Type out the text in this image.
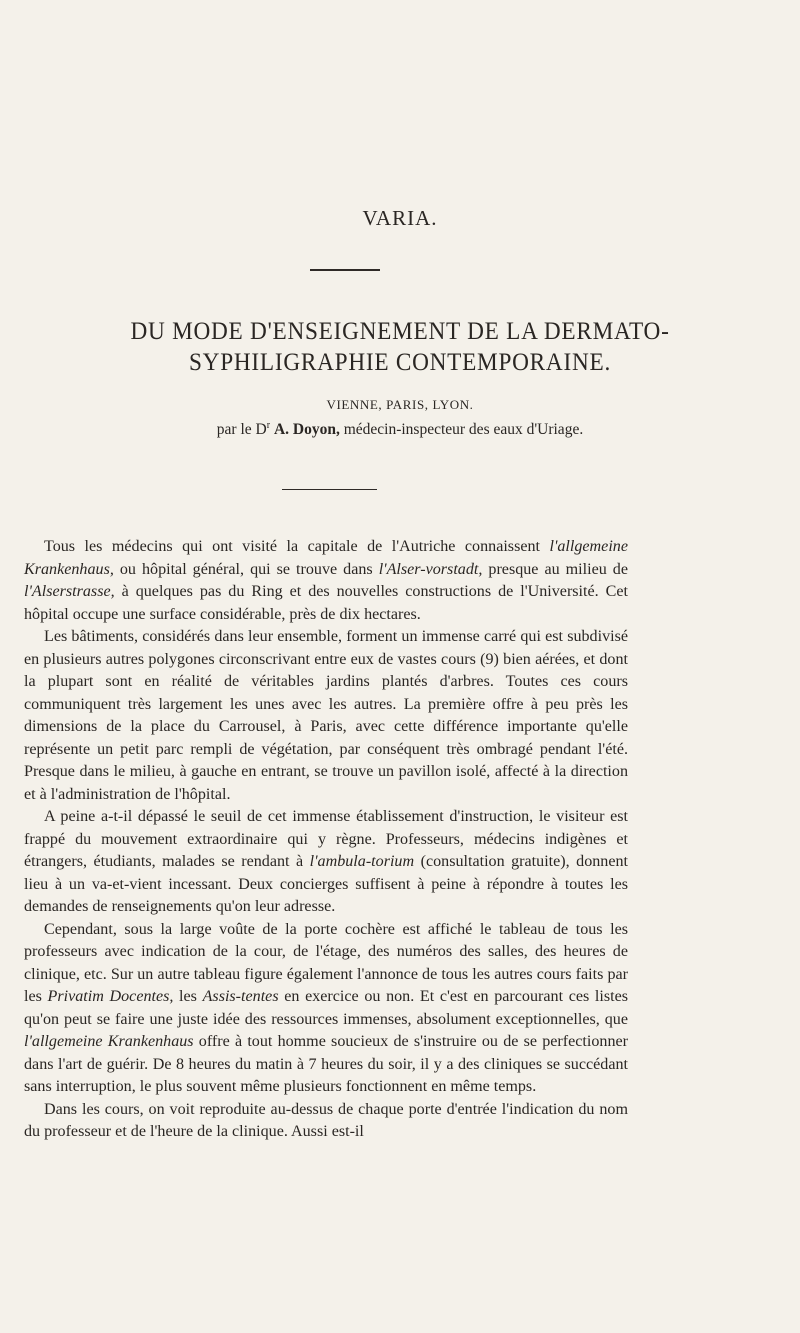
VARIA.
DU MODE D'ENSEIGNEMENT DE LA DERMATO-
SYPHILIGRAPHIE CONTEMPORAINE.
VIENNE, PARIS, LYON.
par le $D^r$ A. Doyon, médecin-inspecteur des eaux d'Uriage.

Tous les médecins qui ont visité la capitale de l'Autriche connaissent l'allgemeine Krankenhaus, ou hôpital général, qui se trouve dans l'Alser-vorstadt, presque au milieu de l'Alserstrasse, à quelques pas du Ring et des nouvelles constructions de l'Université. Cet hôpital occupe une surface considérable, près de dix hectares.

Les bâtiments, considérés dans leur ensemble, forment un immense carré qui est subdivisé en plusieurs autres polygones circonscrivant entre eux de vastes cours (9) bien aérées, et dont la plupart sont en réalité de véritables jardins plantés d'arbres. Toutes ces cours communiquent très largement les unes avec les autres. La première offre à peu près les dimensions de la place du Carrousel, à Paris, avec cette différence importante qu'elle représente un petit parc rempli de végétation, par conséquent très ombragé pendant l'été. Presque dans le milieu, à gauche en entrant, se trouve un pavillon isolé, affecté à la direction et à l'administration de l'hôpital.

A peine a-t-il dépassé le seuil de cet immense établissement d'instruction, le visiteur est frappé du mouvement extraordinaire qui y règne. Professeurs, médecins indigènes et étrangers, étudiants, malades se rendant à l'ambula-torium (consultation gratuite), donnent lieu à un va-et-vient incessant. Deux concierges suffisent à peine à répondre à toutes les demandes de renseignements qu'on leur adresse.

Cependant, sous la large voûte de la porte cochère est affiché le tableau de tous les professeurs avec indication de la cour, de l'étage, des numéros des salles, des heures de clinique, etc. Sur un autre tableau figure également l'annonce de tous les autres cours faits par les Privatim Docentes, les Assis-tentes en exercice ou non. Et c'est en parcourant ces listes qu'on peut se faire une juste idée des ressources immenses, absolument exceptionnelles, que l'allgemeine Krankenhaus offre à tout homme soucieux de s'instruire ou de se perfectionner dans l'art de guérir. De 8 heures du matin à 7 heures du soir, il y a des cliniques se succédant sans interruption, le plus souvent même plusieurs fonctionnent en même temps.

Dans les cours, on voit reproduite au-dessus de chaque porte d'entrée l'indication du nom du professeur et de l'heure de la clinique. Aussi est-il
